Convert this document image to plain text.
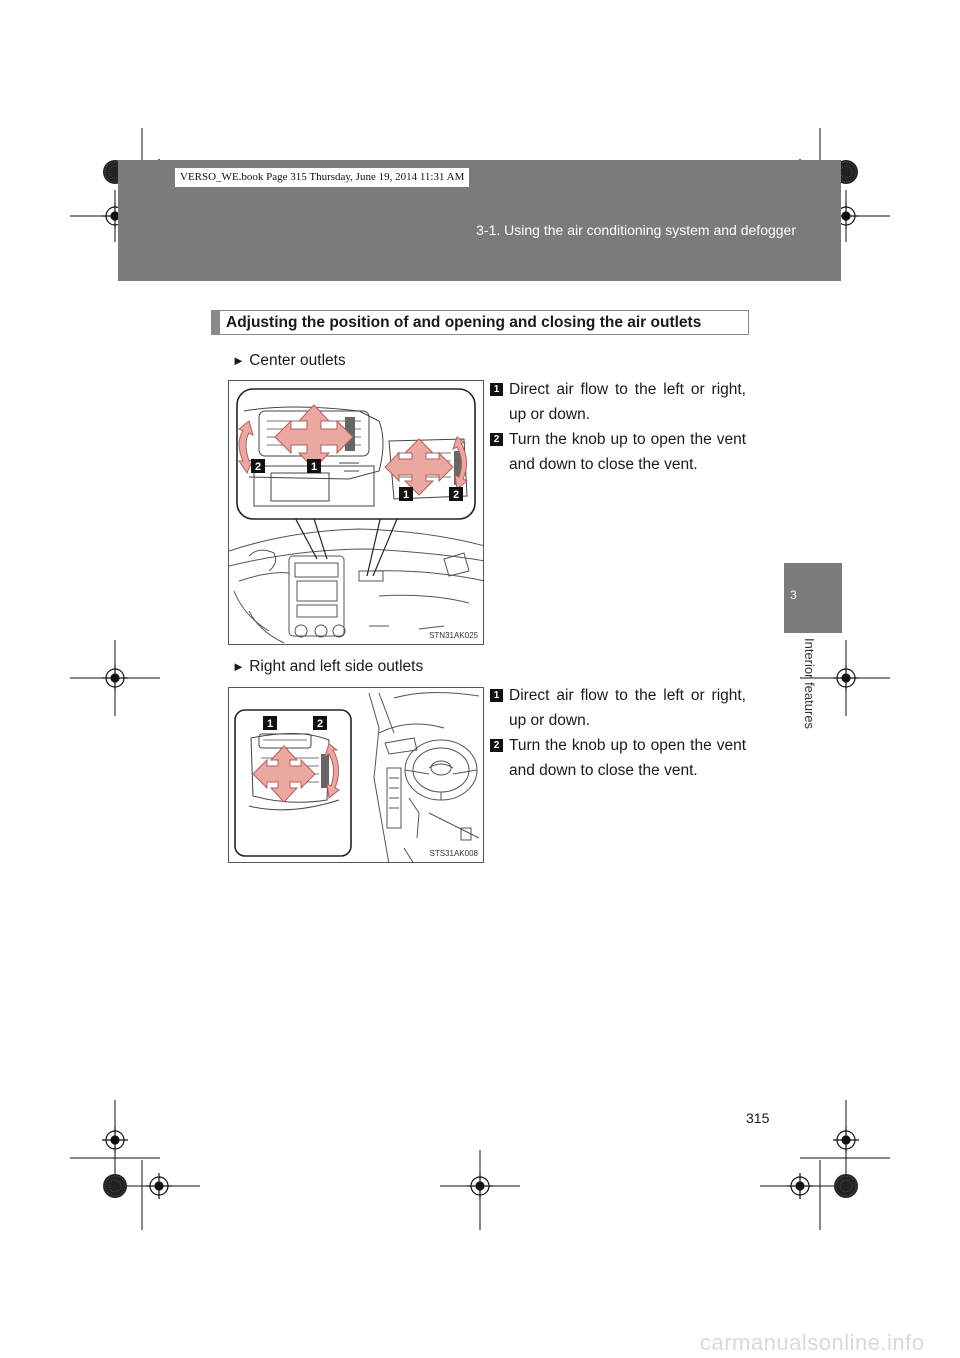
3-1. Using the air conditioning system and defogger
VERSO_WE.book Page 315 Thursday, June 19, 2014 11:31 AM
3
Interior features
Adjusting the position of and opening and closing the air outlets
► Center outlets
2	1
1	2
STN31AK025
1 Direct air flow to the left or right, up or down.
2 Turn the knob up to open the vent and down to close the vent.
► Right and left side outlets
1	2
STS31AK008
1 Direct air flow to the left or right, up or down.
2 Turn the knob up to open the vent and down to close the vent.
315
carmanualsonline.info
